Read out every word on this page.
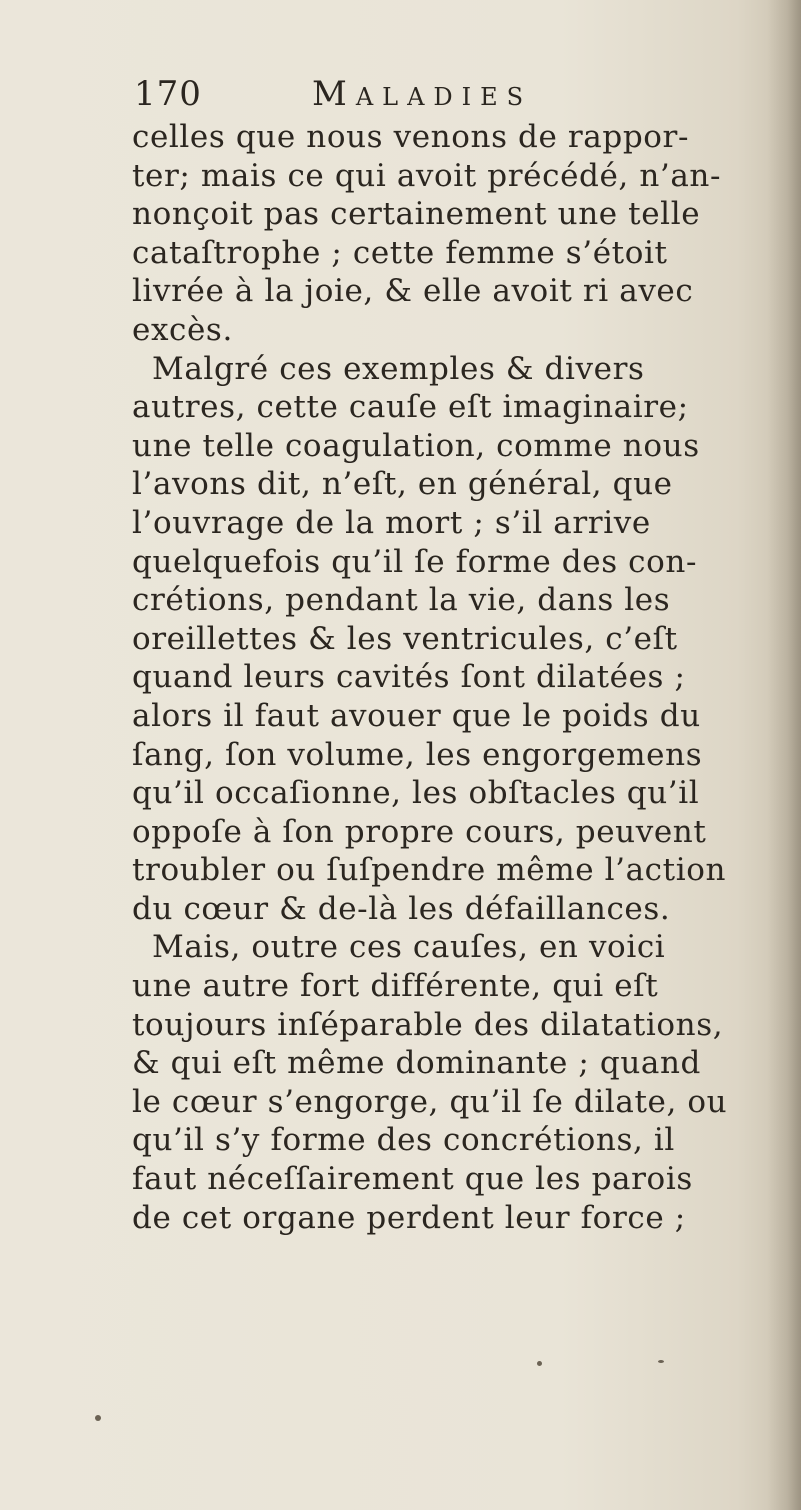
170	Maladies
celles que nous venons de rappor-
ter; mais ce qui avoit précédé, n’an-
nonçoit pas certainement une telle
cataſtrophe ; cette femme s’étoit
livrée à la joie, & elle avoit ri avec
excès.
Malgré ces exemples & divers
autres, cette cauſe eſt imaginaire;
une telle coagulation, comme nous
l’avons dit, n’eſt, en général, que
l’ouvrage de la mort ; s’il arrive
quelquefois qu’il ſe forme des con-
crétions, pendant la vie, dans les
oreillettes & les ventricules, c’eſt
quand leurs cavités ſont dilatées ;
alors il faut avouer que le poids du
ſang, ſon volume, les engorgemens
qu’il occaſionne, les obſtacles qu’il
oppoſe à ſon propre cours, peuvent
troubler ou ſuſpendre même l’action
du cœur & de-là les défaillances.
Mais, outre ces cauſes, en voici
une autre fort différente, qui eſt
toujours inſéparable des dilatations,
& qui eſt même dominante ; quand
le cœur s’engorge, qu’il ſe dilate, ou
qu’il s’y forme des concrétions, il
faut néceſſairement que les parois
de cet organe perdent leur force ;
